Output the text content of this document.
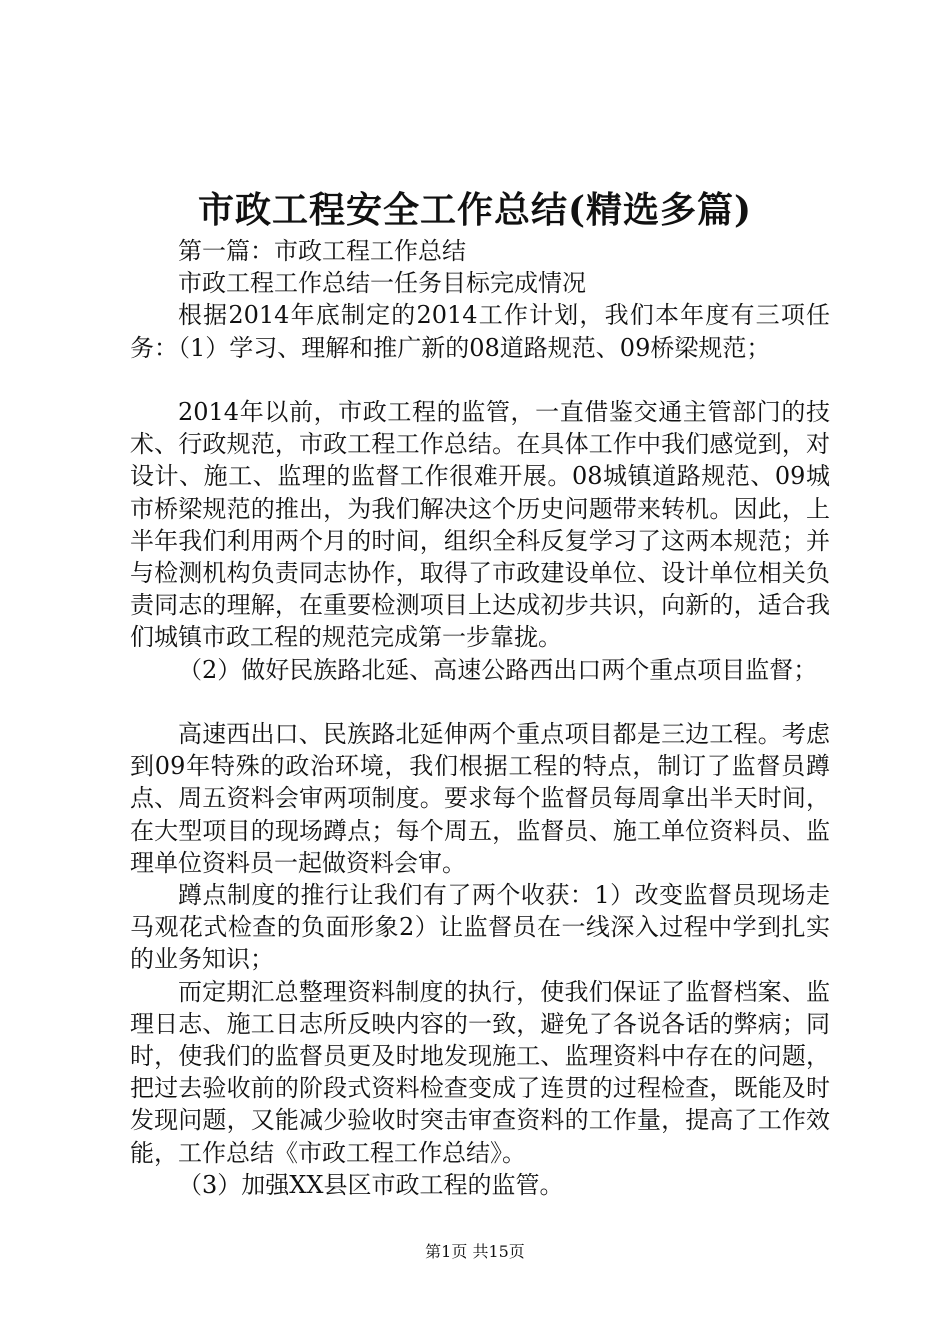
市政工程安全工作总结(精选多篇)

第一篇：市政工程工作总结

市政工程工作总结一任务目标完成情况

根据2014年底制定的2014工作计划，我们本年度有三项任务：（1）学习、理解和推广新的08道路规范、09桥梁规范；

2014年以前，市政工程的监管，一直借鉴交通主管部门的技术、行政规范，市政工程工作总结。在具体工作中我们感觉到，对设计、施工、监理的监督工作很难开展。08城镇道路规范、09城市桥梁规范的推出，为我们解决这个历史问题带来转机。因此，上半年我们利用两个月的时间，组织全科反复学习了这两本规范；并与检测机构负责同志协作，取得了市政建设单位、设计单位相关负责同志的理解，在重要检测项目上达成初步共识，向新的，适合我们城镇市政工程的规范完成第一步靠拢。

（2）做好民族路北延、高速公路西出口两个重点项目监督；

高速西出口、民族路北延伸两个重点项目都是三边工程。考虑到09年特殊的政治环境，我们根据工程的特点，制订了监督员蹲点、周五资料会审两项制度。要求每个监督员每周拿出半天时间，在大型项目的现场蹲点；每个周五，监督员、施工单位资料员、监理单位资料员一起做资料会审。

蹲点制度的推行让我们有了两个收获：1）改变监督员现场走马观花式检查的负面形象2）让监督员在一线深入过程中学到扎实的业务知识；

而定期汇总整理资料制度的执行，使我们保证了监督档案、监理日志、施工日志所反映内容的一致，避免了各说各话的弊病；同时，使我们的监督员更及时地发现施工、监理资料中存在的问题，把过去验收前的阶段式资料检查变成了连贯的过程检查，既能及时发现问题，又能减少验收时突击审查资料的工作量，提高了工作效能，工作总结《市政工程工作总结》。

（3）加强XX县区市政工程的监管。

第1页 共15页
